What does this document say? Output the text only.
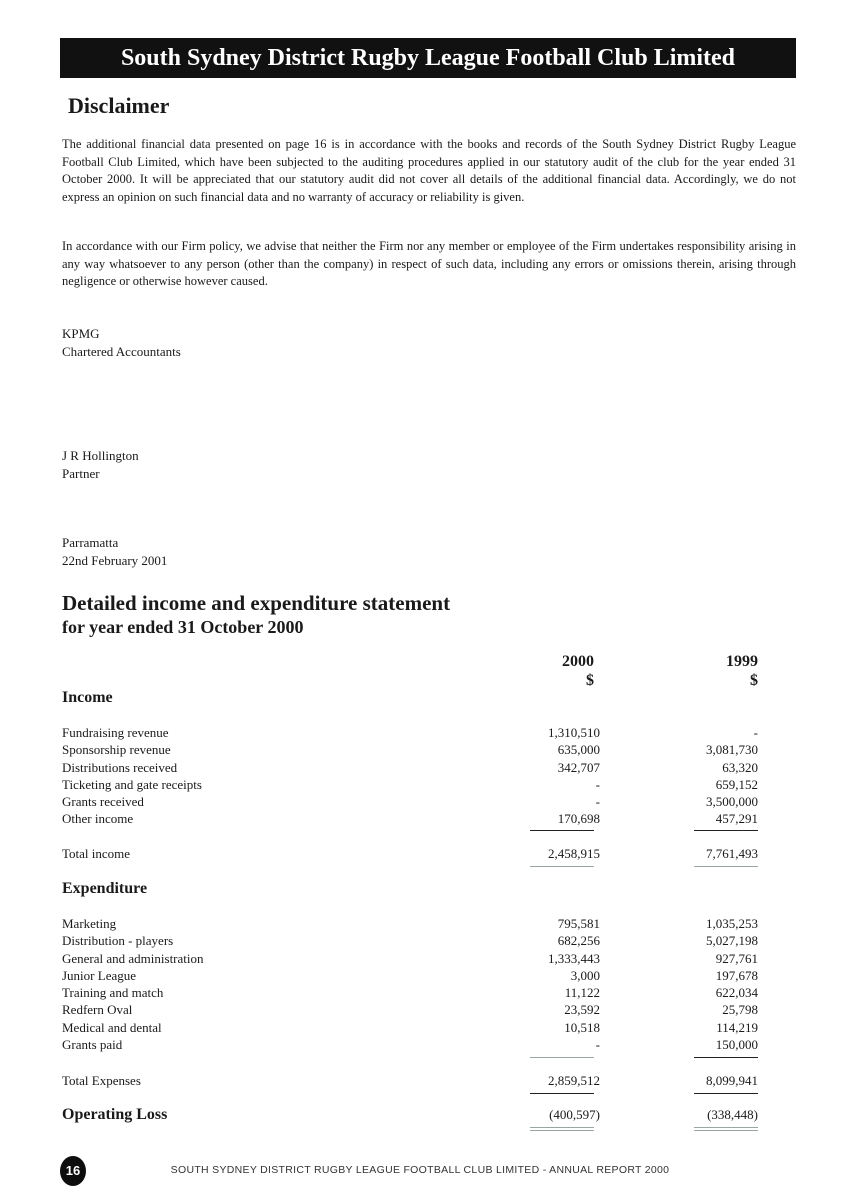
South Sydney District Rugby League Football Club Limited
Disclaimer

The additional financial data presented on page 16 is in accordance with the books and records of the South Sydney District Rugby League Football Club Limited, which have been subjected to the auditing procedures applied in our statutory audit of the club for the year ended 31 October 2000. It will be appreciated that our statutory audit did not cover all details of the additional financial data. Accordingly, we do not express an opinion on such financial data and no warranty of accuracy or reliability is given.

In accordance with our Firm policy, we advise that neither the Firm nor any member or employee of the Firm undertakes responsibility arising in any way whatsoever to any person (other than the company) in respect of such data, including any errors or omissions therein, arising through negligence or otherwise however caused.

KPMG
Chartered Accountants
J R Hollington
Partner
Parramatta
22nd February 2001
Detailed income and expenditure statement
for year ended 31 October 2000
2000
$
1999
$
Income
Fundraising revenue	1,310,510	-
Sponsorship revenue	635,000	3,081,730
Distributions received	342,707	63,320
Ticketing and gate receipts	-	659,152
Grants received	-	3,500,000
Other income	170,698	457,291
Total income	2,458,915	7,761,493
Expenditure
Marketing	795,581	1,035,253
Distribution - players	682,256	5,027,198
General and administration	1,333,443	927,761
Junior League	3,000	197,678
Training and match	11,122	622,034
Redfern Oval	23,592	25,798
Medical and dental	10,518	114,219
Grants paid	-	150,000
Total Expenses	2,859,512	8,099,941
Operating Loss	(400,597)	(338,448)
16	SOUTH SYDNEY DISTRICT RUGBY LEAGUE FOOTBALL CLUB LIMITED - ANNUAL REPORT 2000
